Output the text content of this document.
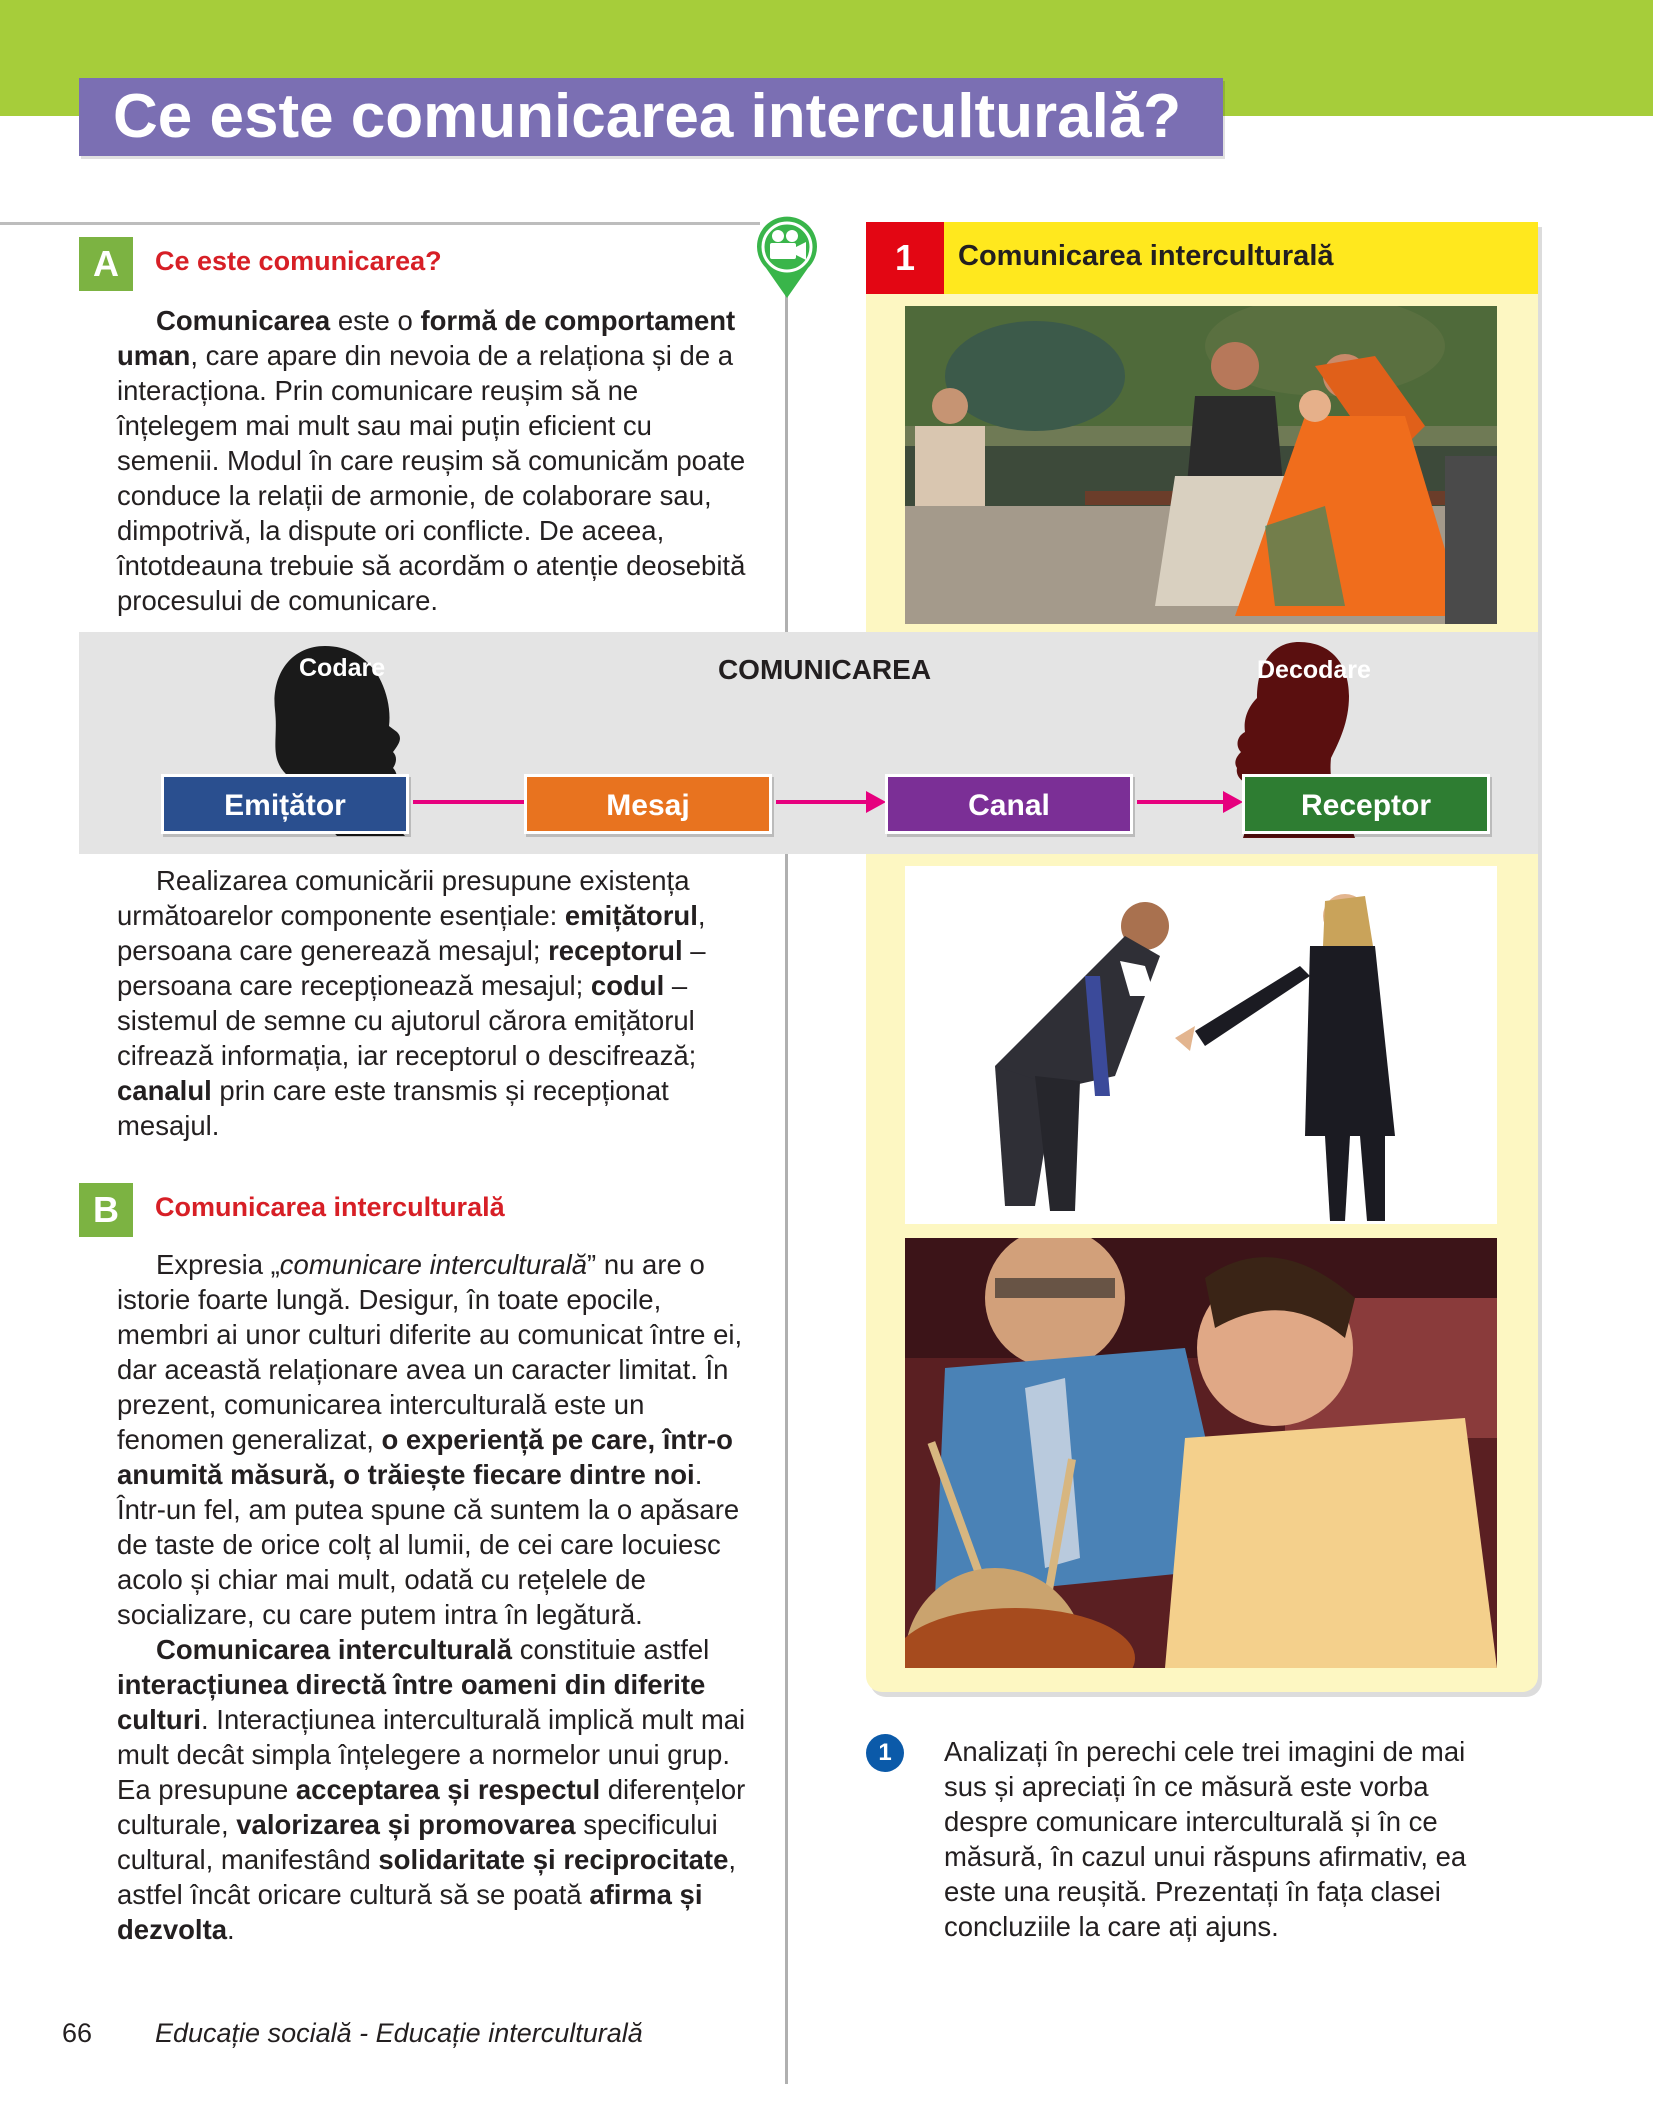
Ce este comunicarea interculturală?
A	Ce este comunicarea?

Comunicarea este o formă de comportament uman, care apare din nevoia de a relaționa și de a interacționa. Prin comunicare reușim să ne înțelegem mai mult sau mai puțin eficient cu semenii. Modul în care reușim să comunicăm poate conduce la relații de armonie, de colaborare sau, dimpotrivă, la dispute ori conflicte. De aceea, întotdeauna trebuie să acordăm o atenție deosebită procesului de comunicare.

Realizarea comunicării presupune existența următoarelor componente esențiale: emițătorul, persoana care generează mesajul; receptorul – persoana care recepționează mesajul; codul – sistemul de semne cu ajutorul cărora emițătorul cifrează informația, iar receptorul o descifrează; canalul prin care este transmis și recepționat mesajul.

B	Comunicarea interculturală

Expresia „comunicare interculturală” nu are o istorie foarte lungă. Desigur, în toate epocile, membri ai unor culturi diferite au comunicat între ei, dar această relaționare avea un caracter limitat. În prezent, comunicarea interculturală este un fenomen generalizat, o experiență pe care, într-o anumită măsură, o trăiește fiecare dintre noi. Într-un fel, am putea spune că suntem la o apăsare de taste de orice colț al lumii, de cei care locuiesc acolo și chiar mai mult, odată cu rețelele de socializare, cu care putem intra în legătură.

Comunicarea interculturală constituie astfel interacțiunea directă între oameni din diferite culturi. Interacțiunea interculturală implică mult mai mult decât simpla înțelegere a normelor unui grup. Ea presupune acceptarea și respectul diferențelor culturale, valorizarea și promovarea specificului cultural, manifestând solidaritate și reciprocitate, astfel încât oricare cultură să se poată afirma și dezvolta.

1	Comunicarea interculturală
COMUNICAREA
Codare	Decodare
Emițător	Mesaj	Canal	Receptor
1	Analizați în perechi cele trei imagini de mai sus și apreciați în ce măsură este vorba despre comunicare interculturală și în ce măsură, în cazul unui răspuns afirmativ, ea este una reușită. Prezentați în fața clasei concluziile la care ați ajuns.

66 Educație socială - Educație interculturală
